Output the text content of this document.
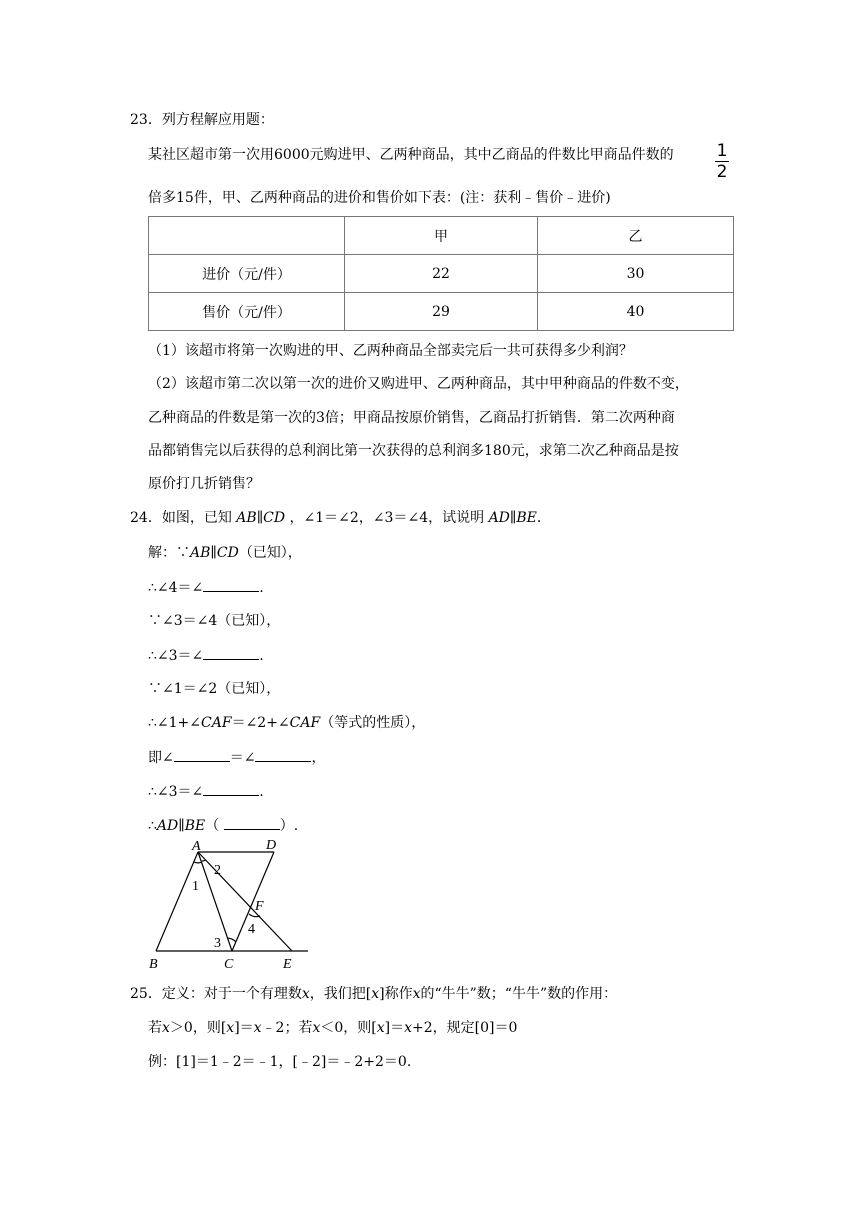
23．列方程解应用题：
某社区超市第一次用6000元购进甲、乙两种商品，其中乙商品的件数比甲商品件数的 $\frac{1}{2}$
倍多15件，甲、乙两种商品的进价和售价如下表：(注：获利﹣售价﹣进价)
	甲	乙
进价（元/件）	22	30
售价（元/件）	29	40
（1）该超市将第一次购进的甲、乙两种商品全部卖完后一共可获得多少利润？
（2）该超市第二次以第一次的进价又购进甲、乙两种商品，其中甲种商品的件数不变，
乙种商品的件数是第一次的3倍；甲商品按原价销售，乙商品打折销售．第二次两种商
品都销售完以后获得的总利润比第一次获得的总利润多180元，求第二次乙种商品是按
原价打几折销售？
24．如图，已知 AB∥CD ，∠1＝∠2，∠3＝∠4，试说明 AD∥BE．
解：∵AB∥CD（已知），
∴∠4＝∠	.
∵∠3＝∠4（已知），
∴∠3＝∠	.
∵∠1＝∠2（已知），
∴∠1+∠CAF＝∠2+∠CAF（等式的性质），
即∠	＝∠	，
∴∠3＝∠	.
∴AD∥BE（	）.
A	D
1
2
F
4
3
B	C	E
25．定义：对于一个有理数x，我们把[x]称作x的“牛牛”数；“牛牛”数的作用：
若x＞0，则[x]＝x﹣2；若x＜0，则[x]＝x+2，规定[0]＝0
例：[1]＝1﹣2＝﹣1，[﹣2]＝﹣2+2＝0.
